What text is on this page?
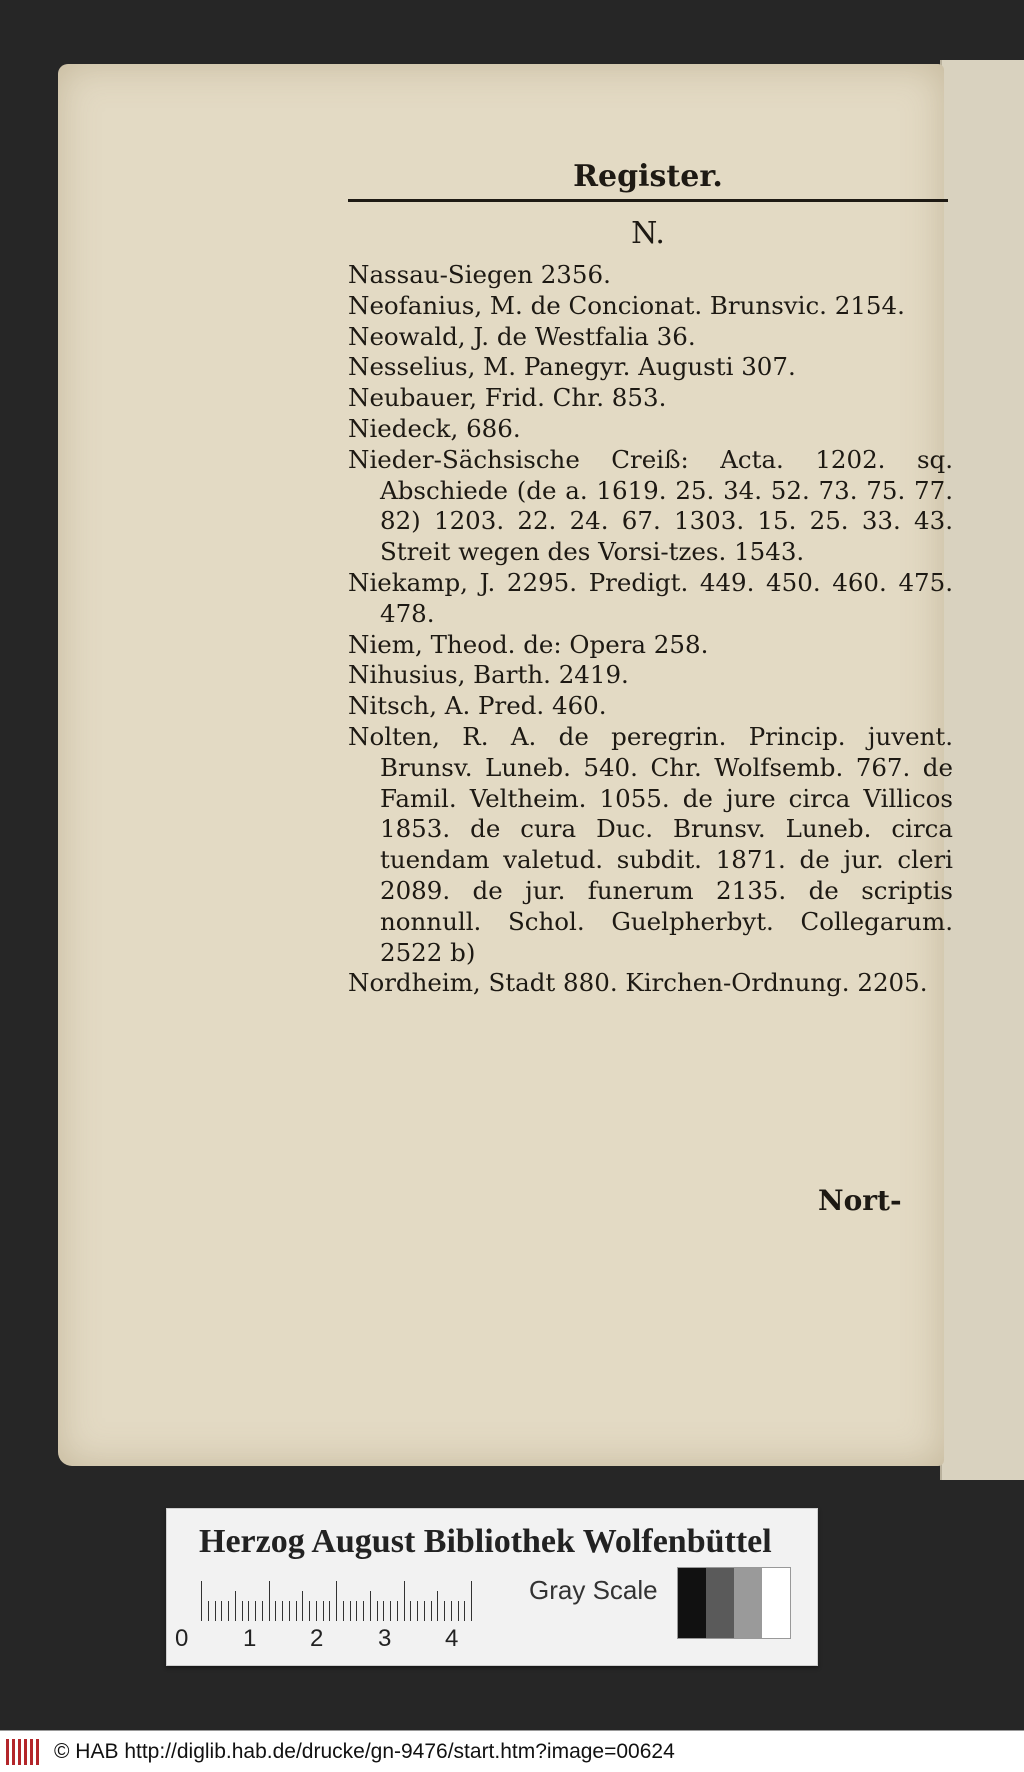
Register.
N.

Nassau-Siegen 2356.

Neofanius, M. de Concionat. Brunsvic. 2154.

Neowald, J. de Westfalia 36.

Nesselius, M. Panegyr. Augusti 307.

Neubauer, Frid. Chr. 853.

Niedeck, 686.

Nieder-Sächsische Creiß: Acta. 1202. sq. Abschiede (de a. 1619. 25. 34. 52. 73. 75. 77. 82) 1203. 22. 24. 67. 1303. 15. 25. 33. 43. Streit wegen des Vorsi-tzes. 1543.

Niekamp, J. 2295. Predigt. 449. 450. 460. 475. 478.

Niem, Theod. de: Opera 258.

Nihusius, Barth. 2419.

Nitsch, A. Pred. 460.

Nolten, R. A. de peregrin. Princip. juvent. Brunsv. Luneb. 540. Chr. Wolfsemb. 767. de Famil. Veltheim. 1055. de jure circa Villicos 1853. de cura Duc. Brunsv. Luneb. circa tuendam valetud. subdit. 1871. de jur. cleri 2089. de jur. funerum 2135. de scriptis nonnull. Schol. Guelpherbyt. Collegarum. 2522 b)

Nordheim, Stadt 880. Kirchen-Ordnung. 2205.

Nort-
Herzog August Bibliothek Wolfenbüttel
0 1 2 3 4
Gray Scale
© HAB http://diglib.hab.de/drucke/gn-9476/start.htm?image=00624
